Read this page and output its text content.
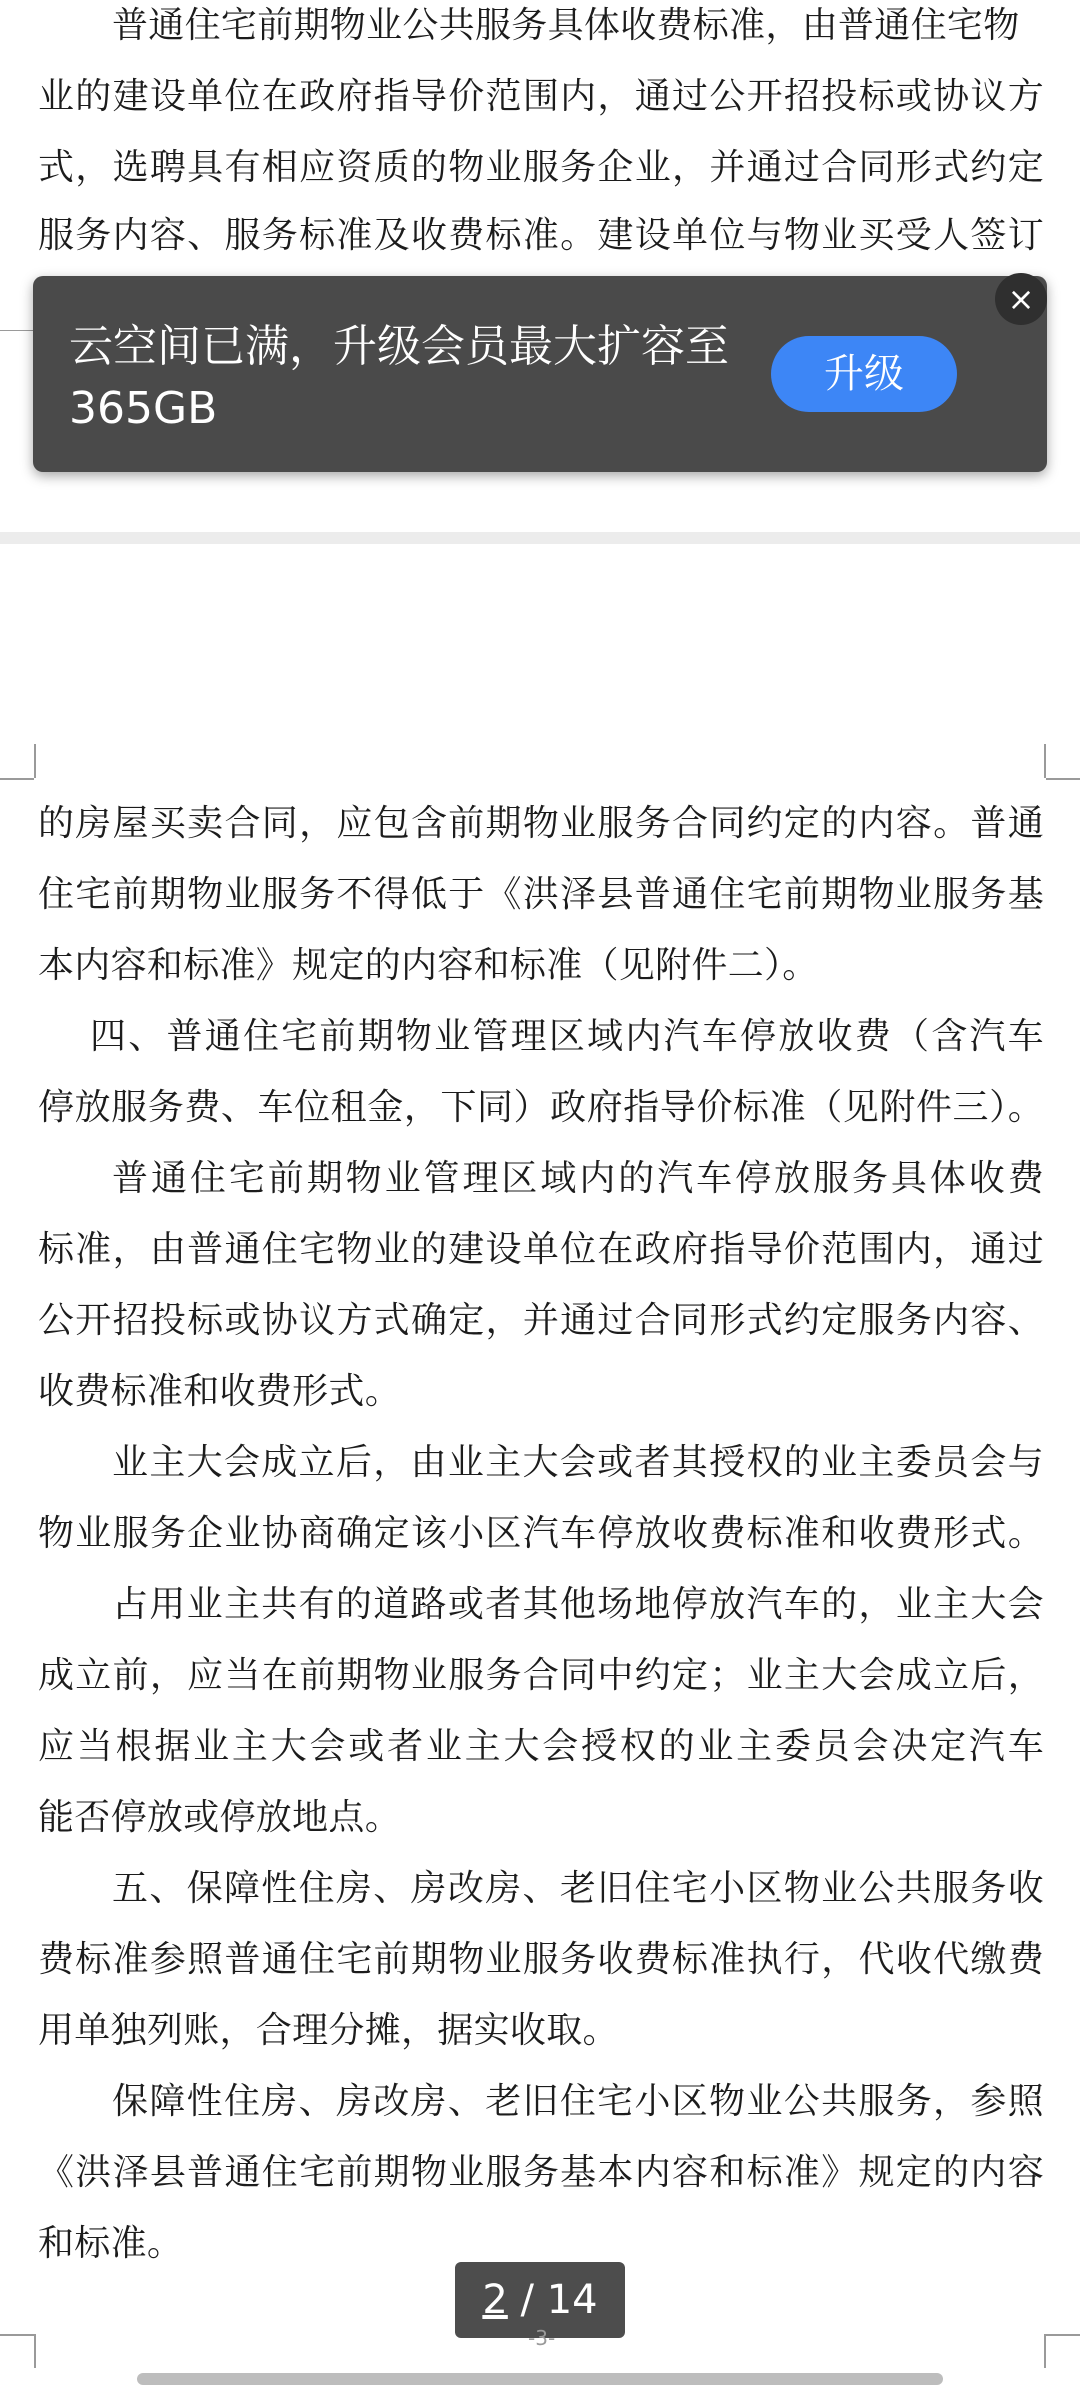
普通住宅前期物业公共服务具体收费标准，由普通住宅物
业的建设单位在政府指导价范围内，通过公开招投标或协议方
式，选聘具有相应资质的物业服务企业，并通过合同形式约定
服务内容、服务标准及收费标准。建设单位与物业买受人签订
的房屋买卖合同，应包含前期物业服务合同约定的内容。普通
住宅前期物业服务不得低于《洪泽县普通住宅前期物业服务基
本内容和标准》规定的内容和标准（见附件二）。
四、普通住宅前期物业管理区域内汽车停放收费（含汽车
停放服务费、车位租金，下同）政府指导价标准（见附件三）。
普通住宅前期物业管理区域内的汽车停放服务具体收费
标准，由普通住宅物业的建设单位在政府指导价范围内，通过
公开招投标或协议方式确定，并通过合同形式约定服务内容、
收费标准和收费形式。
业主大会成立后，由业主大会或者其授权的业主委员会与
物业服务企业协商确定该小区汽车停放收费标准和收费形式。
占用业主共有的道路或者其他场地停放汽车的，业主大会
成立前，应当在前期物业服务合同中约定；业主大会成立后，
应当根据业主大会或者业主大会授权的业主委员会决定汽车
能否停放或停放地点。
五、保障性住房、房改房、老旧住宅小区物业公共服务收
费标准参照普通住宅前期物业服务收费标准执行，代收代缴费
用单独列账，合理分摊，据实收取。
保障性住房、房改房、老旧住宅小区物业公共服务，参照
《洪泽县普通住宅前期物业服务基本内容和标准》规定的内容
和标准。
云空间已满，升级会员最大扩容至365GB
升级
×
2 / 14
-3-
